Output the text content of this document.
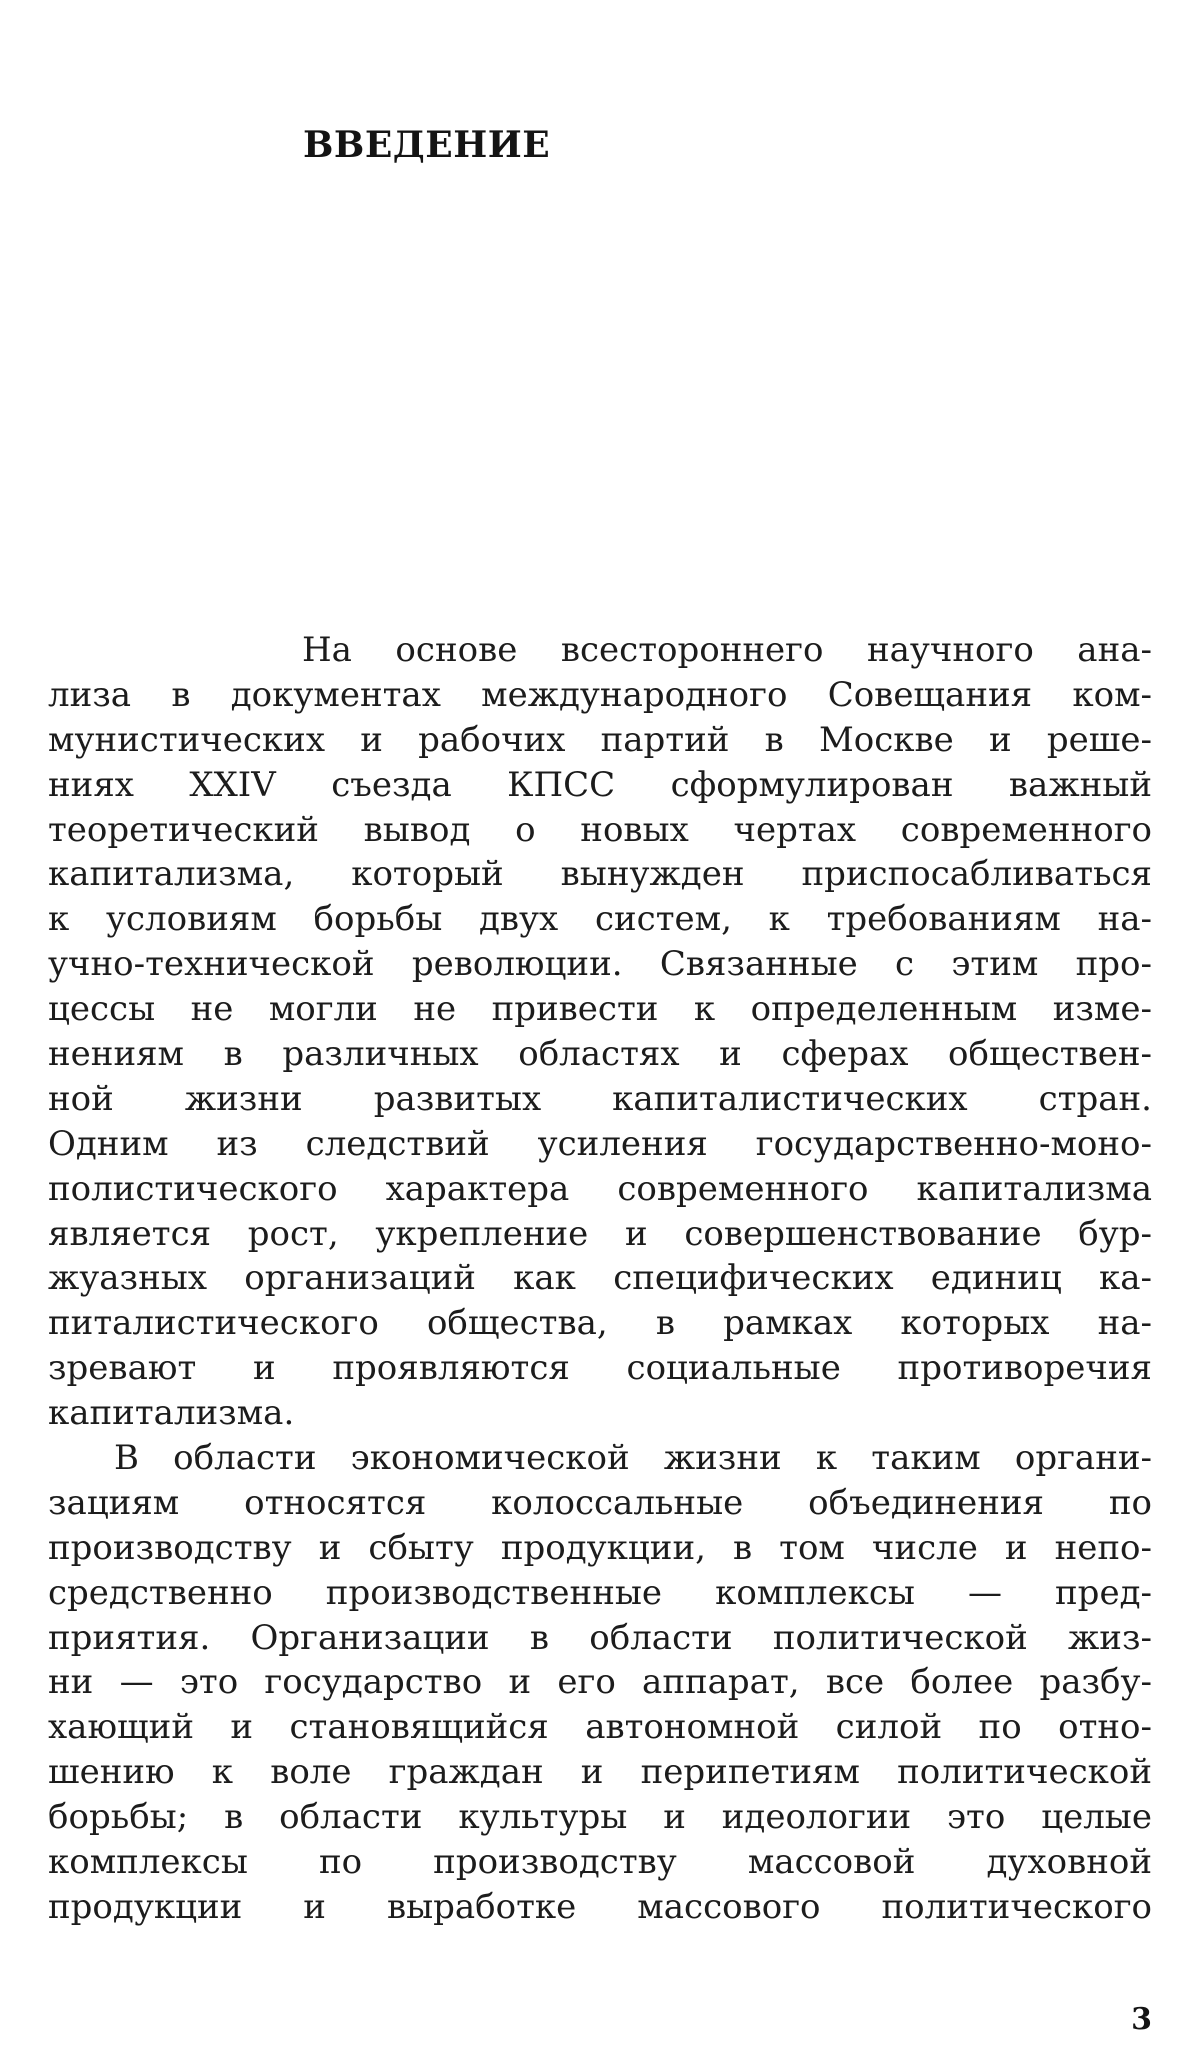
ВВЕДЕНИЕ
На основе всестороннего научного ана-
лиза в документах международного Совещания ком-
мунистических и рабочих партий в Москве и реше-
ниях XXIV съезда КПСС сформулирован важный
теоретический вывод о новых чертах современного
капитализма, который вынужден приспосабливаться
к условиям борьбы двух систем, к требованиям на-
учно-технической революции. Связанные с этим про-
цессы не могли не привести к определенным изме-
нениям в различных областях и сферах обществен-
ной жизни развитых капиталистических стран.
Одним из следствий усиления государственно-моно-
полистического характера современного капитализма
является рост, укрепление и совершенствование бур-
жуазных организаций как специфических единиц ка-
питалистического общества, в рамках которых на-
зревают и проявляются социальные противоречия
капитализма.
В области экономической жизни к таким органи-
зациям относятся колоссальные объединения по
производству и сбыту продукции, в том числе и непо-
средственно производственные комплексы — пред-
приятия. Организации в области политической жиз-
ни — это государство и его аппарат, все более разбу-
хающий и становящийся автономной силой по отно-
шению к воле граждан и перипетиям политической
борьбы; в области культуры и идеологии это целые
комплексы по производству массовой духовной
продукции и выработке массового политического
3
